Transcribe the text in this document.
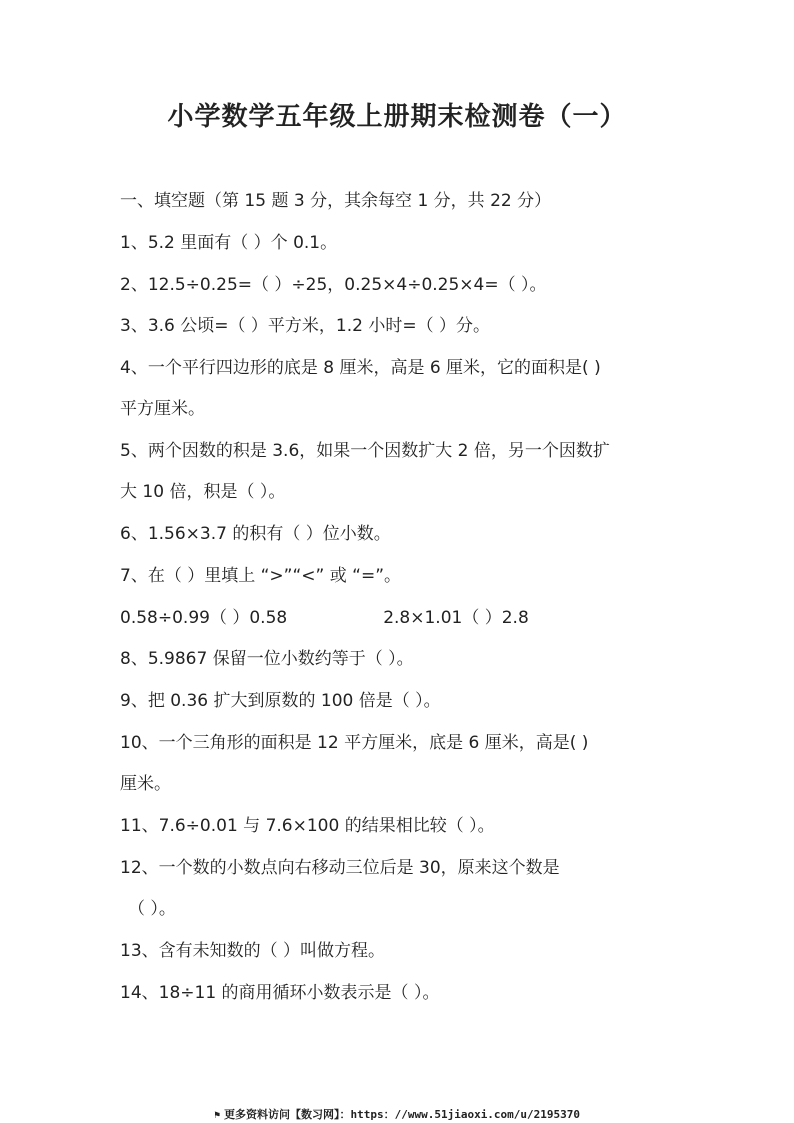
小学数学五年级上册期末检测卷（一）
一、填空题（第 15 题 3 分，其余每空 1 分，共 22 分）
1、5.2 里面有（ ）个 0.1。
2、12.5÷0.25=（ ）÷25，0.25×4÷0.25×4=（ ）。
3、3.6 公顷=（ ）平方米，1.2 小时=（ ）分。
4、一个平行四边形的底是 8 厘米，高是 6 厘米，它的面积是( )
平方厘米。
5、两个因数的积是 3.6，如果一个因数扩大 2 倍，另一个因数扩
大 10 倍，积是（ ）。
6、1.56×3.7 的积有（ ）位小数。
7、在（ ）里填上 “>”“<” 或 “=”。
0.58÷0.99（ ）0.58	2.8×1.01（ ）2.8
8、5.9867 保留一位小数约等于（ ）。
9、把 0.36 扩大到原数的 100 倍是（ ）。
10、一个三角形的面积是 12 平方厘米，底是 6 厘米，高是( )
厘米。
11、7.6÷0.01 与 7.6×100 的结果相比较（ ）。
12、一个数的小数点向右移动三位后是 30，原来这个数是
（ ）。
13、含有未知数的（ ）叫做方程。
14、18÷11 的商用循环小数表示是（ ）。
⚑ 更多资料访问【数习网】：https：//www.51jiaoxi.com/u/2195370
